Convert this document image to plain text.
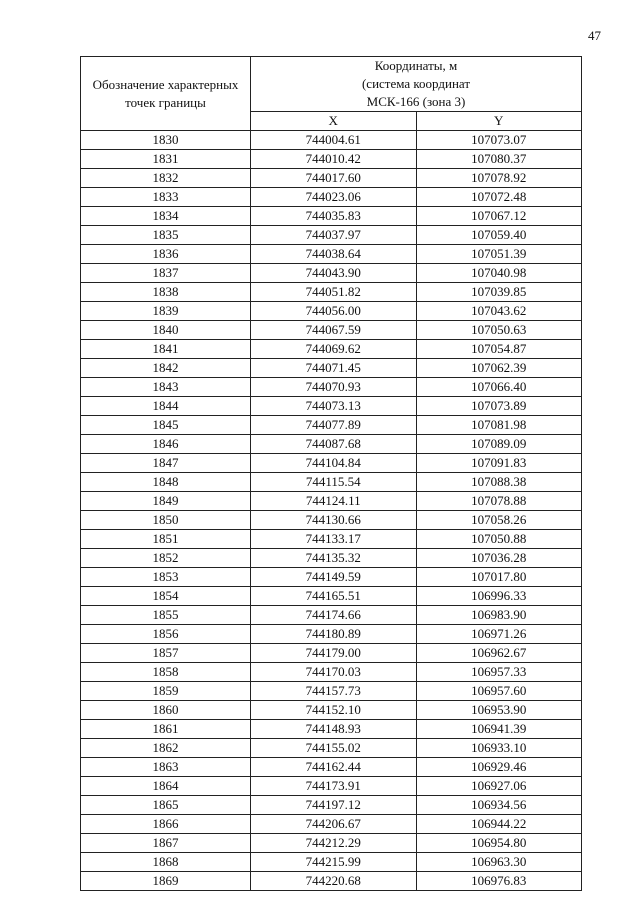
47
Обозначение характерных точек границы	Координаты, м
(система координат
МСК-166 (зона 3)	

	X	Y
1830	744004.61	107073.07
1831	744010.42	107080.37
1832	744017.60	107078.92
1833	744023.06	107072.48
1834	744035.83	107067.12
1835	744037.97	107059.40
1836	744038.64	107051.39
1837	744043.90	107040.98
1838	744051.82	107039.85
1839	744056.00	107043.62
1840	744067.59	107050.63
1841	744069.62	107054.87
1842	744071.45	107062.39
1843	744070.93	107066.40
1844	744073.13	107073.89
1845	744077.89	107081.98
1846	744087.68	107089.09
1847	744104.84	107091.83
1848	744115.54	107088.38
1849	744124.11	107078.88
1850	744130.66	107058.26
1851	744133.17	107050.88
1852	744135.32	107036.28
1853	744149.59	107017.80
1854	744165.51	106996.33
1855	744174.66	106983.90
1856	744180.89	106971.26
1857	744179.00	106962.67
1858	744170.03	106957.33
1859	744157.73	106957.60
1860	744152.10	106953.90
1861	744148.93	106941.39
1862	744155.02	106933.10
1863	744162.44	106929.46
1864	744173.91	106927.06
1865	744197.12	106934.56
1866	744206.67	106944.22
1867	744212.29	106954.80
1868	744215.99	106963.30
1869	744220.68	106976.83
